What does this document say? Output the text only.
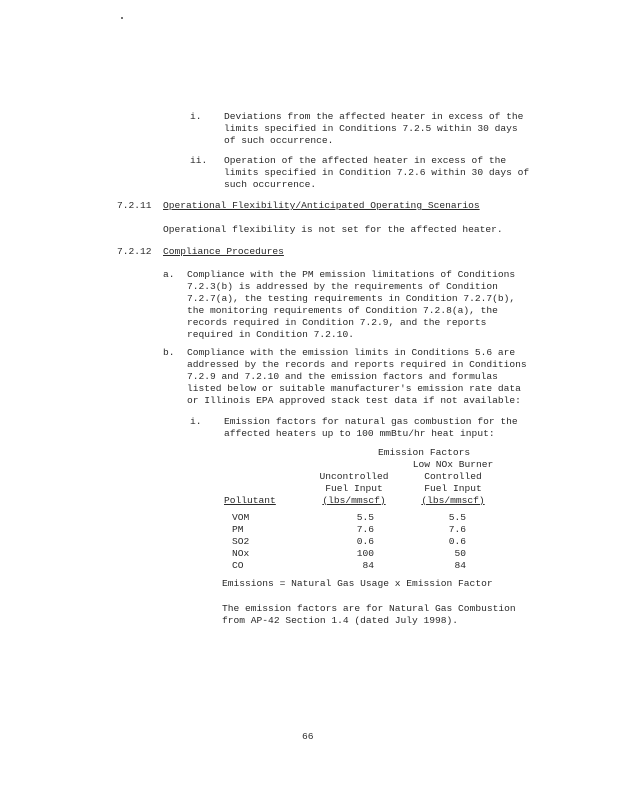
i. Deviations from the affected heater in excess of the
limits specified in Conditions 7.2.5 within 30 days
of such occurrence.
ii. Operation of the affected heater in excess of the
limits specified in Condition 7.2.6 within 30 days of
such occurrence.
7.2.11 Operational Flexibility/Anticipated Operating Scenarios
Operational flexibility is not set for the affected heater.
7.2.12 Compliance Procedures
a. Compliance with the PM emission limitations of Conditions
7.2.3(b) is addressed by the requirements of Condition
7.2.7(a), the testing requirements in Condition 7.2.7(b),
the monitoring requirements of Condition 7.2.8(a), the
records required in Condition 7.2.9, and the reports
required in Condition 7.2.10.
b. Compliance with the emission limits in Conditions 5.6 are
addressed by the records and reports required in Conditions
7.2.9 and 7.2.10 and the emission factors and formulas
listed below or suitable manufacturer's emission rate data
or Illinois EPA approved stack test data if not available:
i. Emission factors for natural gas combustion for the
affected heaters up to 100 mmBtu/hr heat input:
Emission Factors
Uncontrolled
Fuel Input
(lbs/mmscf)
Low NOx Burner
Controlled
Fuel Input
(lbs/mmscf)
Pollutant
VOM
PM
SO2
NOx
CO
5.5
7.6
0.6
100
84
5.5
7.6
0.6
50
84
Emissions = Natural Gas Usage x Emission Factor
The emission factors are for Natural Gas Combustion
from AP-42 Section 1.4 (dated July 1998).
66
